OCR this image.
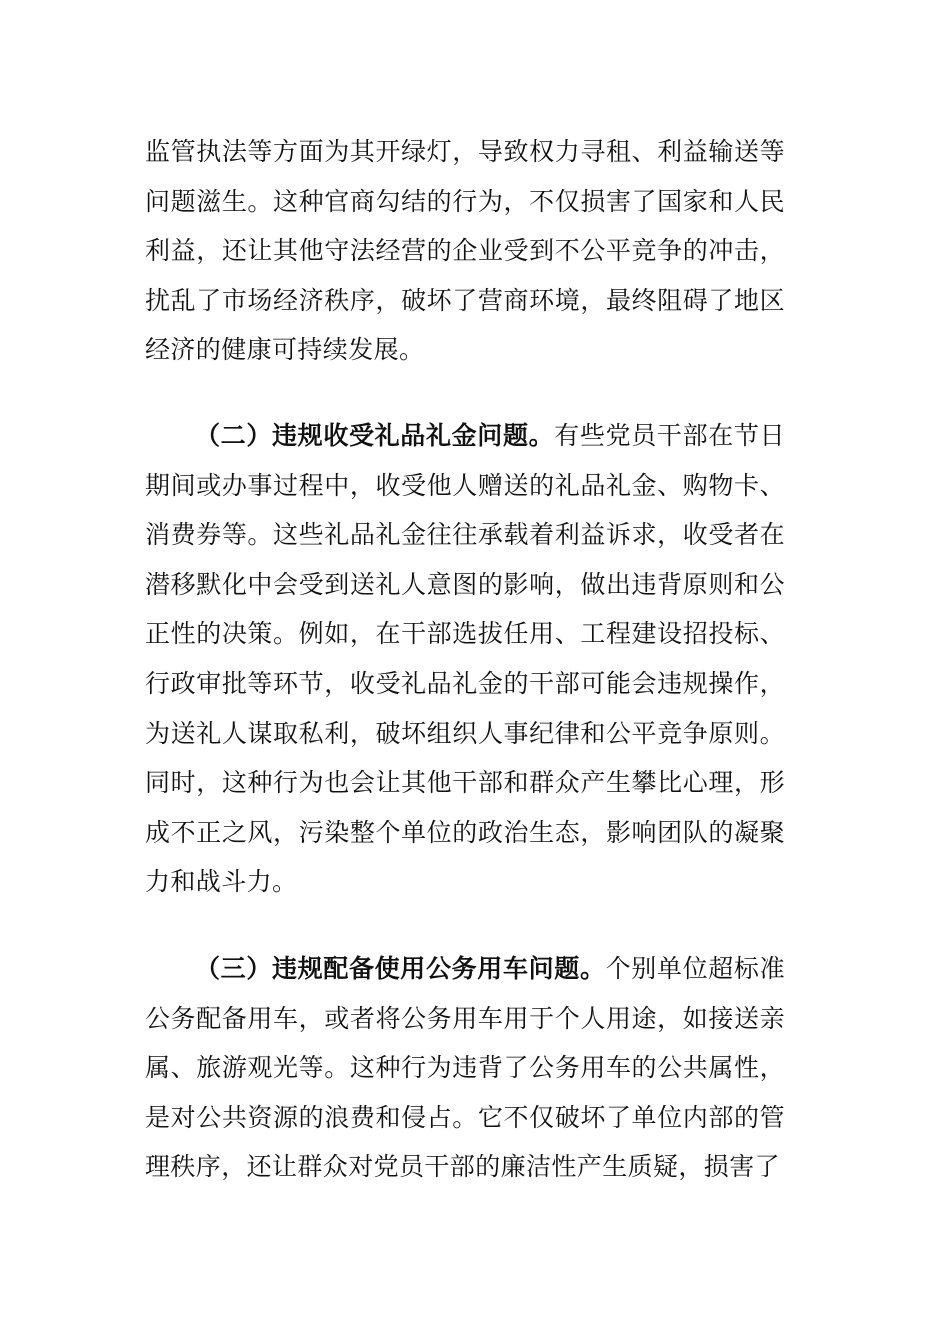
监管执法等方面为其开绿灯，导致权力寻租、利益输送等问题滋生。这种官商勾结的行为，不仅损害了国家和人民利益，还让其他守法经营的企业受到不公平竞争的冲击，扰乱了市场经济秩序，破坏了营商环境，最终阻碍了地区经济的健康可持续发展。

（二）违规收受礼品礼金问题。有些党员干部在节日期间或办事过程中，收受他人赠送的礼品礼金、购物卡、消费券等。这些礼品礼金往往承载着利益诉求，收受者在潜移默化中会受到送礼人意图的影响，做出违背原则和公正性的决策。例如，在干部选拔任用、工程建设招投标、行政审批等环节，收受礼品礼金的干部可能会违规操作，为送礼人谋取私利，破坏组织人事纪律和公平竞争原则。同时，这种行为也会让其他干部和群众产生攀比心理，形成不正之风，污染整个单位的政治生态，影响团队的凝聚力和战斗力。

（三）违规配备使用公务用车问题。个别单位超标准公务配备用车，或者将公务用车用于个人用途，如接送亲属、旅游观光等。这种行为违背了公务用车的公共属性，是对公共资源的浪费和侵占。它不仅破坏了单位内部的管理秩序，还让群众对党员干部的廉洁性产生质疑，损害了
